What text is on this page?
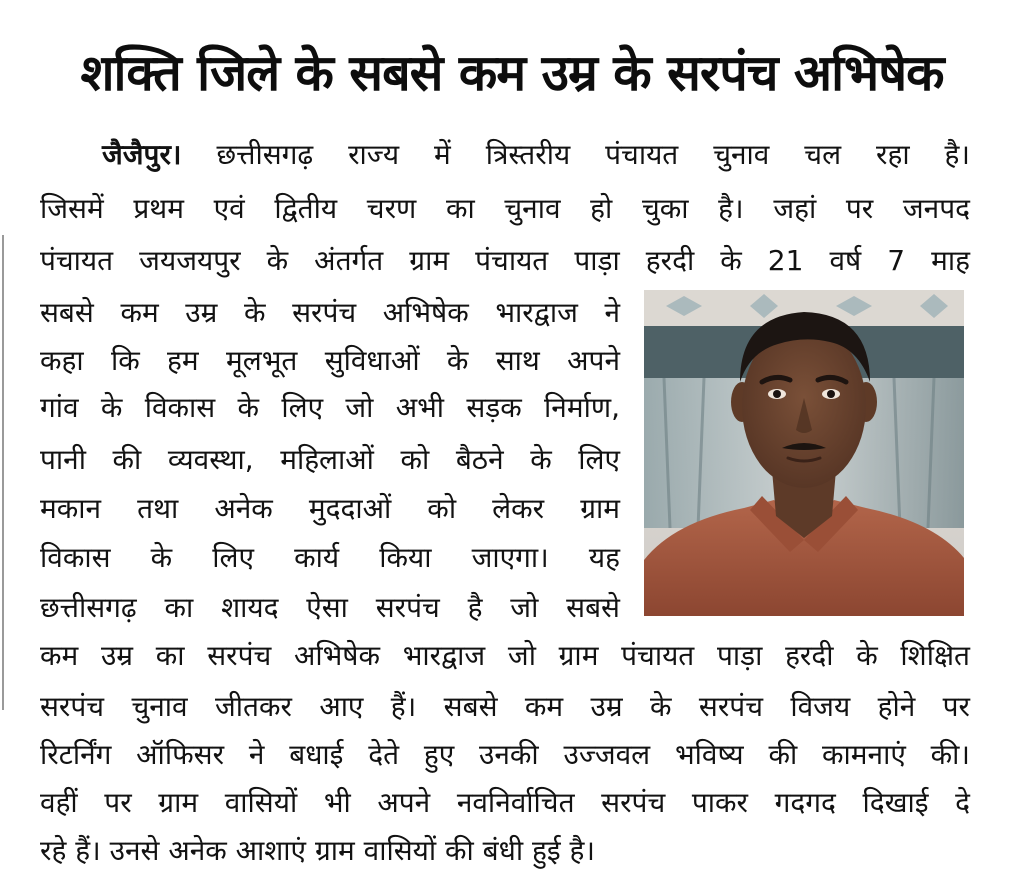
शक्ति जिले के सबसे कम उम्र के सरपंच अभिषेक
जैजैपुर। छत्तीसगढ़ राज्य में त्रिस्तरीय पंचायत चुनाव चल रहा है।
जिसमें प्रथम एवं द्वितीय चरण का चुनाव हो चुका है। जहां पर जनपद
पंचायत जयजयपुर के अंतर्गत ग्राम पंचायत पाड़ा हरदी के 21 वर्ष 7 माह
सबसे कम उम्र के सरपंच अभिषेक भारद्वाज ने
कहा कि हम मूलभूत सुविधाओं के साथ अपने
गांव के विकास के लिए जो अभी सड़क निर्माण,
पानी की व्यवस्था, महिलाओं को बैठने के लिए
मकान तथा अनेक मुददाओं को लेकर ग्राम
विकास के लिए कार्य किया जाएगा। यह
छत्तीसगढ़ का शायद ऐसा सरपंच है जो सबसे
कम उम्र का सरपंच अभिषेक भारद्वाज जो ग्राम पंचायत पाड़ा हरदी के शिक्षित
सरपंच चुनाव जीतकर आए हैं। सबसे कम उम्र के सरपंच विजय होने पर
रिटर्निंग ऑफिसर ने बधाई देते हुए उनकी उज्जवल भविष्य की कामनाएं की।
वहीं पर ग्राम वासियों भी अपने नवनिर्वाचित सरपंच पाकर गदगद दिखाई दे
रहे हैं। उनसे अनेक आशाएं ग्राम वासियों की बंधी हुई है।
